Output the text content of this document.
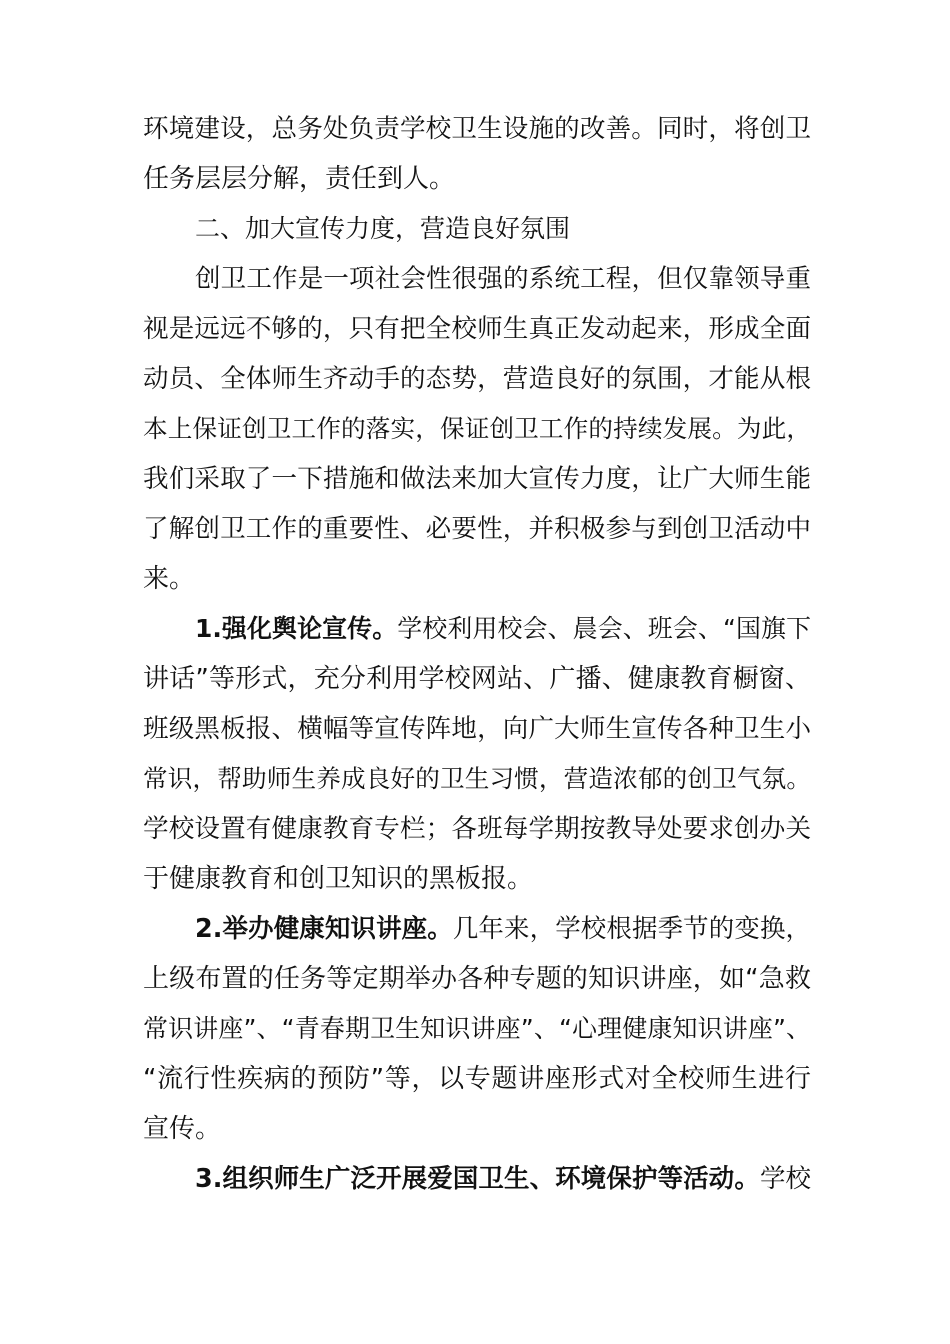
环境建设，总务处负责学校卫生设施的改善。同时，将创卫
任务层层分解，责任到人。
二、加大宣传力度，营造良好氛围
创卫工作是一项社会性很强的系统工程，但仅靠领导重
视是远远不够的，只有把全校师生真正发动起来，形成全面
动员、全体师生齐动手的态势，营造良好的氛围，才能从根
本上保证创卫工作的落实，保证创卫工作的持续发展。为此，
我们采取了一下措施和做法来加大宣传力度，让广大师生能
了解创卫工作的重要性、必要性，并积极参与到创卫活动中
来。
1.强化舆论宣传。学校利用校会、晨会、班会、“国旗下
讲话”等形式，充分利用学校网站、广播、健康教育橱窗、
班级黑板报、横幅等宣传阵地，向广大师生宣传各种卫生小
常识，帮助师生养成良好的卫生习惯，营造浓郁的创卫气氛。
学校设置有健康教育专栏；各班每学期按教导处要求创办关
于健康教育和创卫知识的黑板报。
2.举办健康知识讲座。几年来，学校根据季节的变换，
上级布置的任务等定期举办各种专题的知识讲座，如“急救
常识讲座”、“青春期卫生知识讲座”、“心理健康知识讲座”、
“流行性疾病的预防”等，以专题讲座形式对全校师生进行
宣传。
3.组织师生广泛开展爱国卫生、环境保护等活动。学校
